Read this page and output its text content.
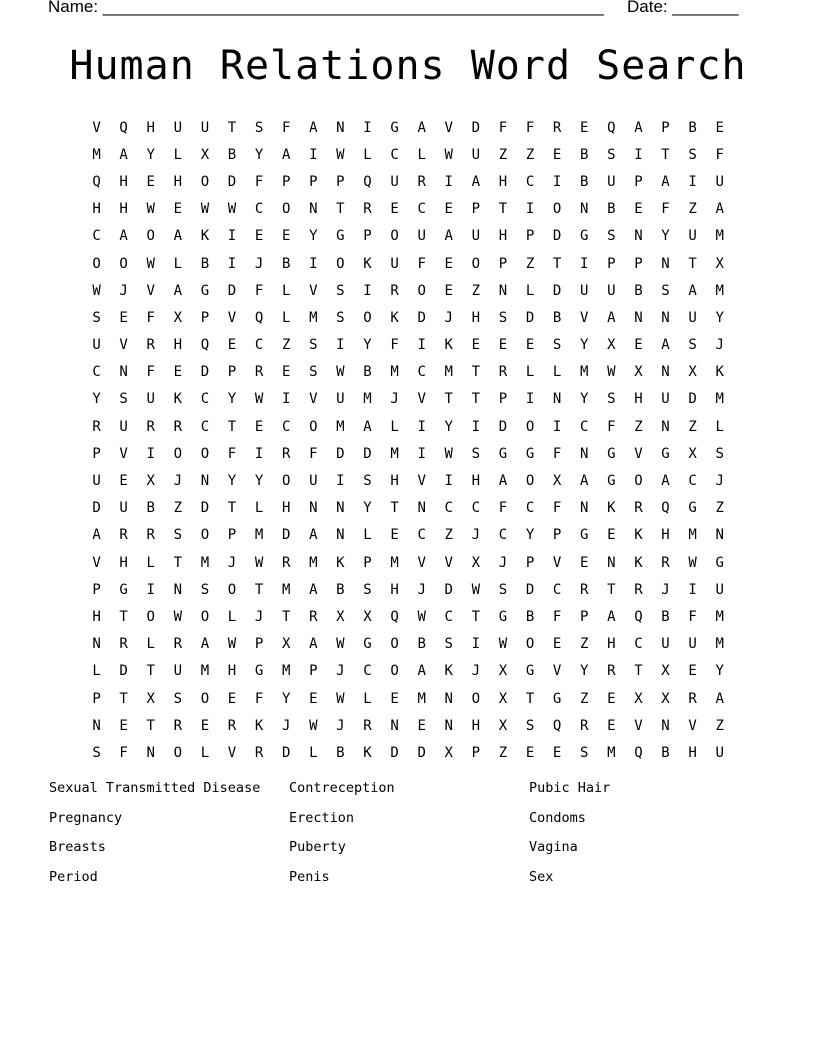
Name: _____________________________________________________ Date: _______
Human Relations Word Search
V	Q	H	U	U	T	S	F	A	N	I	G	A	V	D	F	F	R	E	Q	A	P	B	E
M	A	Y	L	X	B	Y	A	I	W	L	C	L	W	U	Z	Z	E	B	S	I	T	S	F
Q	H	E	H	O	D	F	P	P	P	Q	U	R	I	A	H	C	I	B	U	P	A	I	U
H	H	W	E	W	W	C	O	N	T	R	E	C	E	P	T	I	O	N	B	E	F	Z	A
C	A	O	A	K	I	E	E	Y	G	P	O	U	A	U	H	P	D	G	S	N	Y	U	M
O	O	W	L	B	I	J	B	I	O	K	U	F	E	O	P	Z	T	I	P	P	N	T	X
W	J	V	A	G	D	F	L	V	S	I	R	O	E	Z	N	L	D	U	U	B	S	A	M
S	E	F	X	P	V	Q	L	M	S	O	K	D	J	H	S	D	B	V	A	N	N	U	Y
U	V	R	H	Q	E	C	Z	S	I	Y	F	I	K	E	E	E	S	Y	X	E	A	S	J
C	N	F	E	D	P	R	E	S	W	B	M	C	M	T	R	L	L	M	W	X	N	X	K
Y	S	U	K	C	Y	W	I	V	U	M	J	V	T	T	P	I	N	Y	S	H	U	D	M
R	U	R	R	C	T	E	C	O	M	A	L	I	Y	I	D	O	I	C	F	Z	N	Z	L
P	V	I	O	O	F	I	R	F	D	D	M	I	W	S	G	G	F	N	G	V	G	X	S
U	E	X	J	N	Y	Y	O	U	I	S	H	V	I	H	A	O	X	A	G	O	A	C	J
D	U	B	Z	D	T	L	H	N	N	Y	T	N	C	C	F	C	F	N	K	R	Q	G	Z
A	R	R	S	O	P	M	D	A	N	L	E	C	Z	J	C	Y	P	G	E	K	H	M	N
V	H	L	T	M	J	W	R	M	K	P	M	V	V	X	J	P	V	E	N	K	R	W	G
P	G	I	N	S	O	T	M	A	B	S	H	J	D	W	S	D	C	R	T	R	J	I	U
H	T	O	W	O	L	J	T	R	X	X	Q	W	C	T	G	B	F	P	A	Q	B	F	M
N	R	L	R	A	W	P	X	A	W	G	O	B	S	I	W	O	E	Z	H	C	U	U	M
L	D	T	U	M	H	G	M	P	J	C	O	A	K	J	X	G	V	Y	R	T	X	E	Y
P	T	X	S	O	E	F	Y	E	W	L	E	M	N	O	X	T	G	Z	E	X	X	R	A
N	E	T	R	E	R	K	J	W	J	R	N	E	N	H	X	S	Q	R	E	V	N	V	Z
S	F	N	O	L	V	R	D	L	B	K	D	D	X	P	Z	E	E	S	M	Q	B	H	U
Sexual Transmitted Disease	Contreception	Pubic Hair
Pregnancy	Erection	Condoms
Breasts	Puberty	Vagina
Period	Penis	Sex
